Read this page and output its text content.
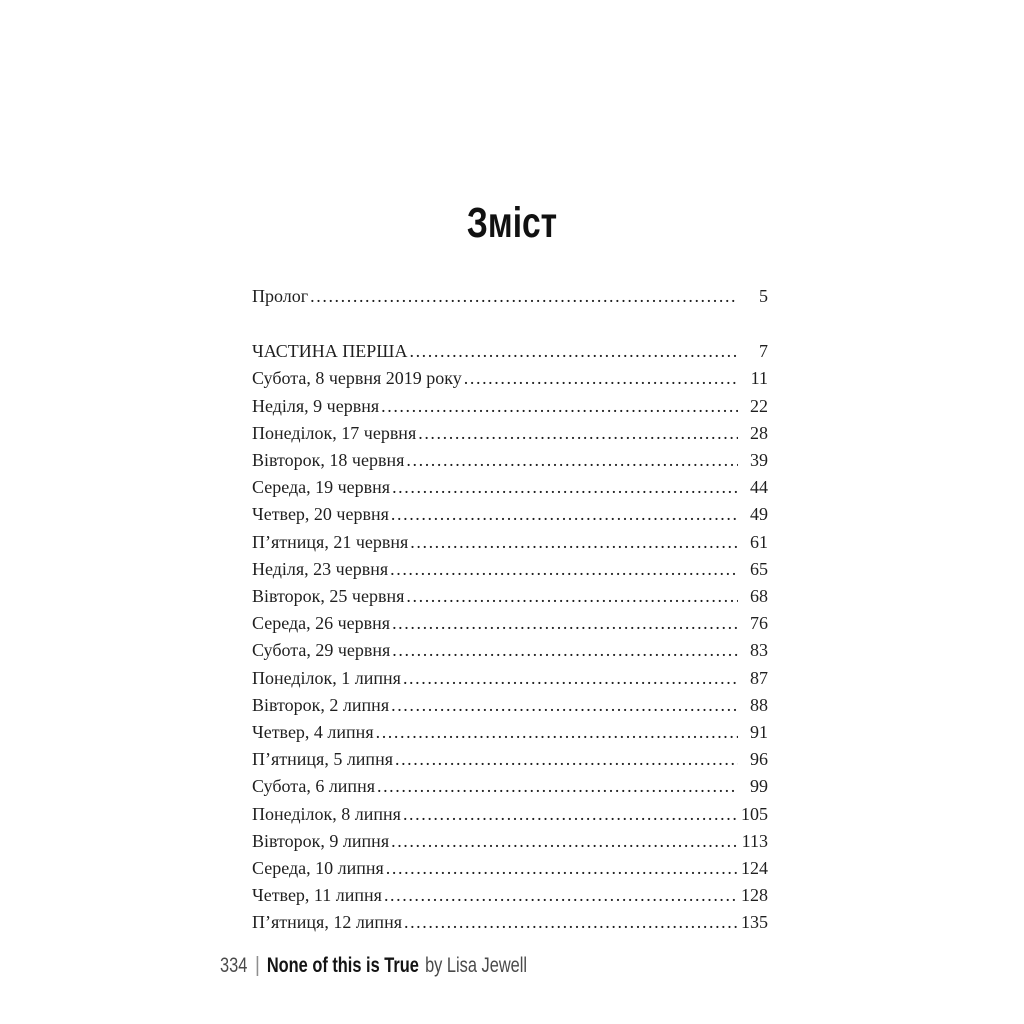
Зміст
Пролог .....	5
ЧАСТИНА ПЕРША .....	7
Субота, 8 червня 2019 року .....	11
Неділя, 9 червня .....	22
Понеділок, 17 червня .....	28
Вівторок, 18 червня .....	39
Середа, 19 червня .....	44
Четвер, 20 червня .....	49
П’ятниця, 21 червня .....	61
Неділя, 23 червня .....	65
Вівторок, 25 червня .....	68
Середа, 26 червня .....	76
Субота, 29 червня .....	83
Понеділок, 1 липня .....	87
Вівторок, 2 липня .....	88
Четвер, 4 липня .....	91
П’ятниця, 5 липня .....	96
Субота, 6 липня .....	99
Понеділок, 8 липня .....	105
Вівторок, 9 липня .....	113
Середа, 10 липня .....	124
Четвер, 11 липня .....	128
П’ятниця, 12 липня .....	135
334 None of this is True by Lisa Jewell
